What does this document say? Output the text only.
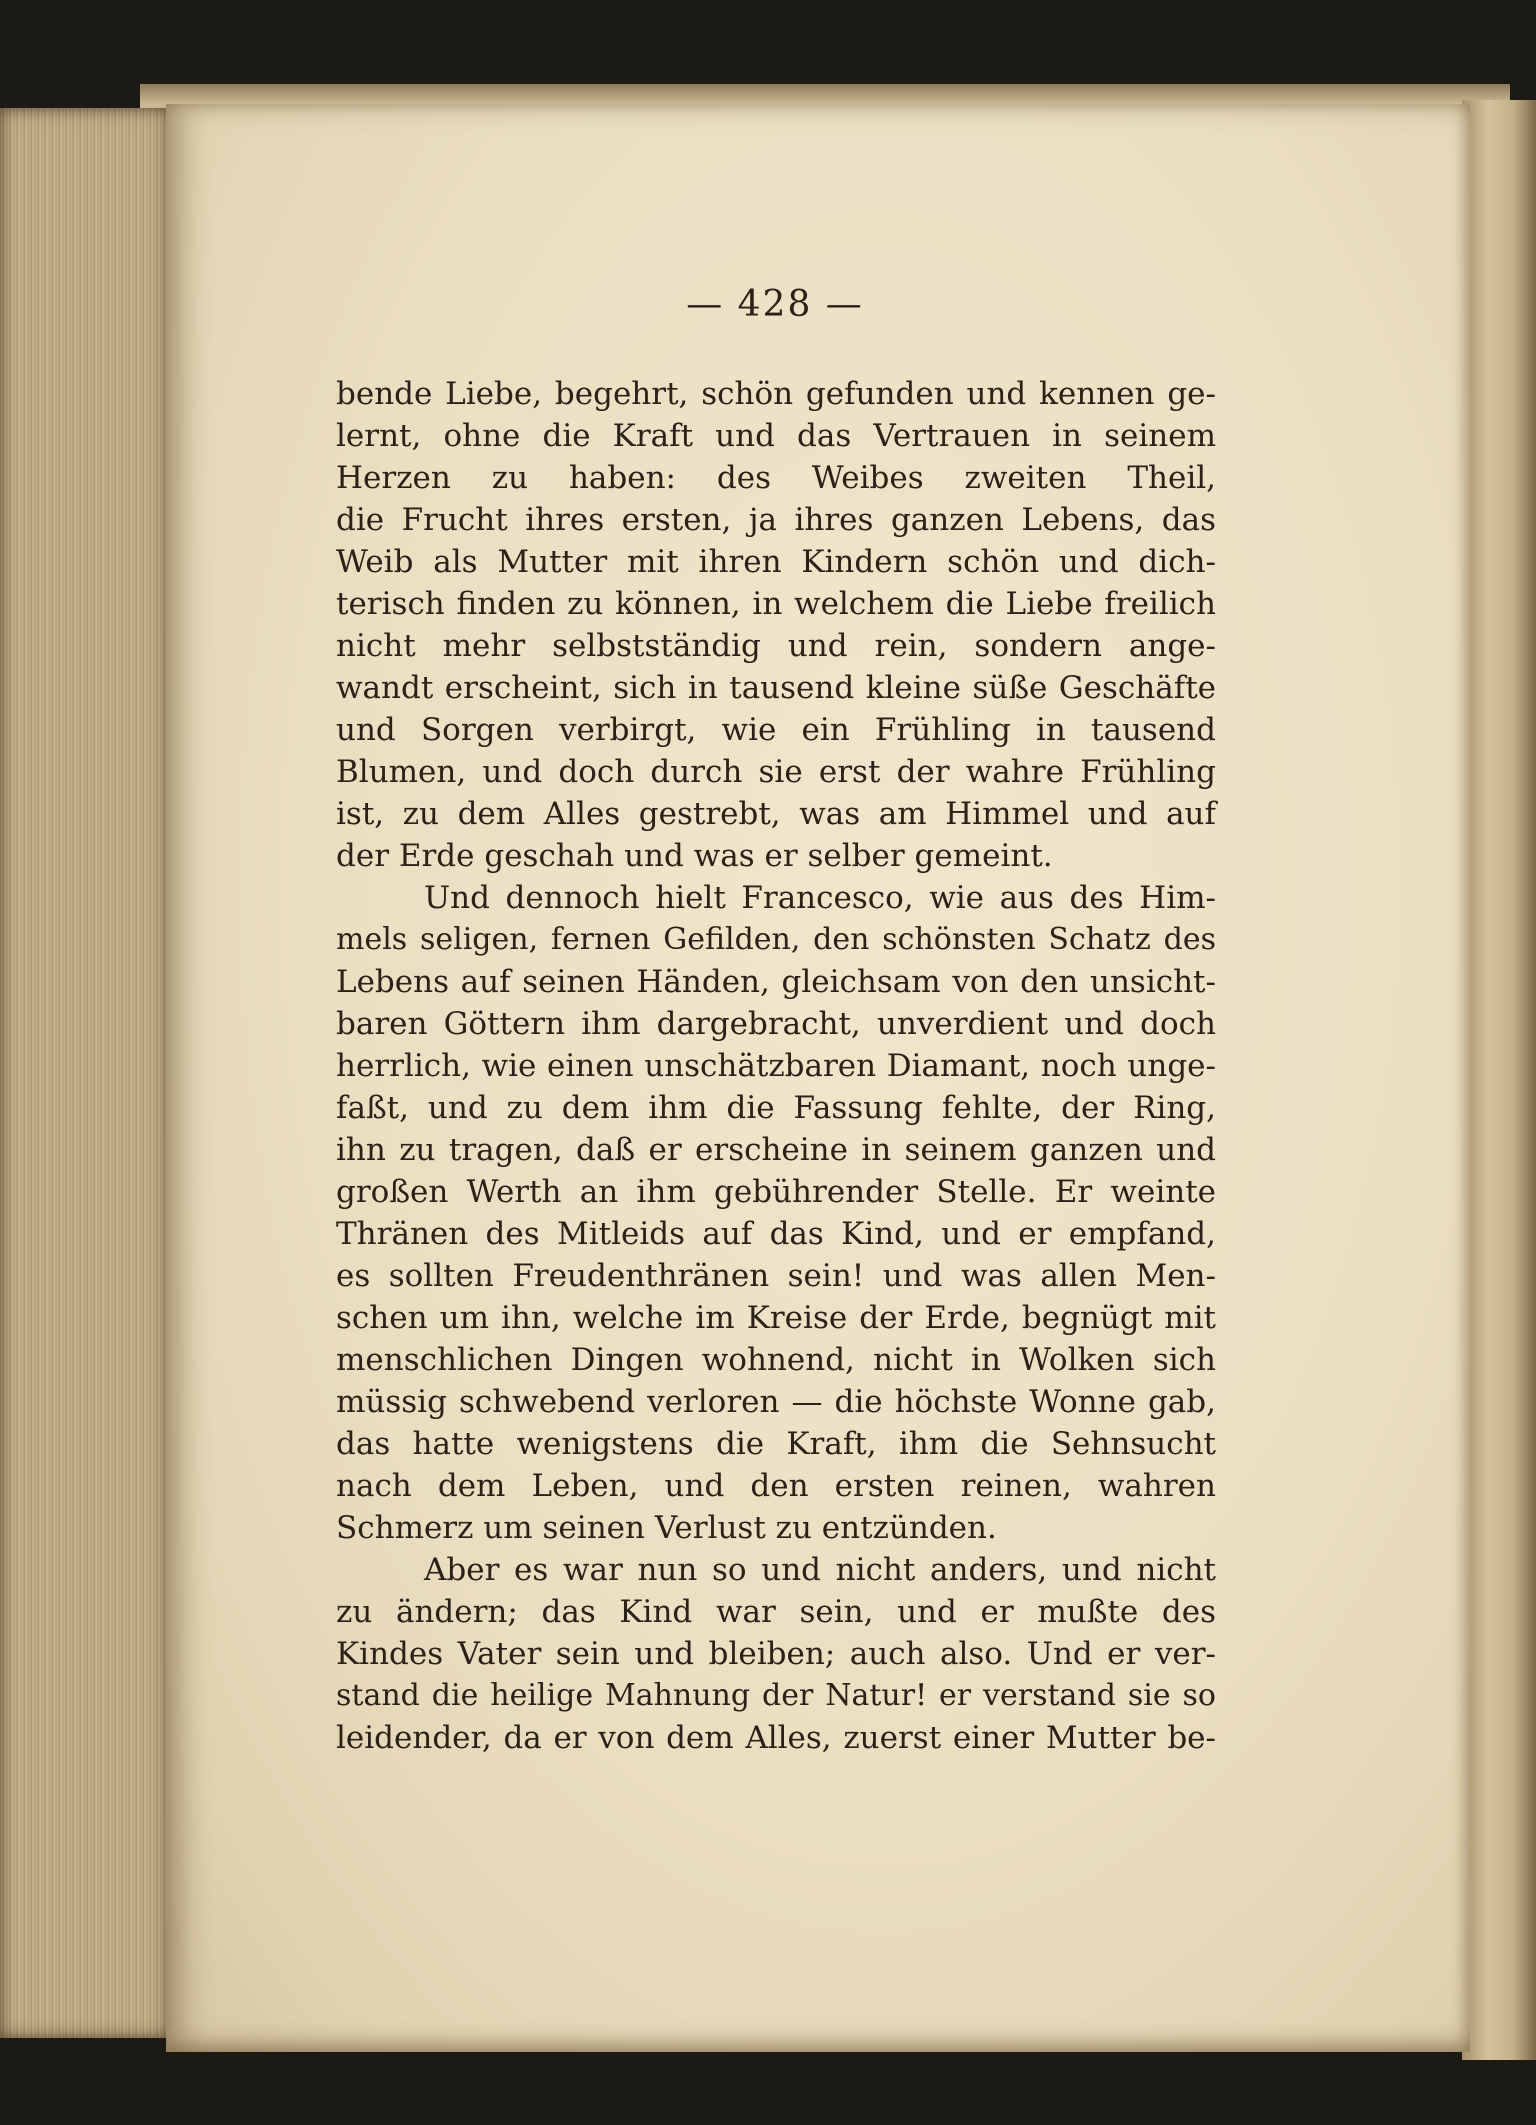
— 428 —
bende Liebe, begehrt, schön gefunden und kennen ge-
lernt, ohne die Kraft und das Vertrauen in seinem
Herzen zu haben: des Weibes zweiten Theil,
die Frucht ihres ersten, ja ihres ganzen Lebens, das
Weib als Mutter mit ihren Kindern schön und dich-
terisch finden zu können, in welchem die Liebe freilich
nicht mehr selbstständig und rein, sondern ange-
wandt erscheint, sich in tausend kleine süße Geschäfte
und Sorgen verbirgt, wie ein Frühling in tausend
Blumen, und doch durch sie erst der wahre Frühling
ist, zu dem Alles gestrebt, was am Himmel und auf
der Erde geschah und was er selber gemeint.
Und dennoch hielt Francesco, wie aus des Him-
mels seligen, fernen Gefilden, den schönsten Schatz des
Lebens auf seinen Händen, gleichsam von den unsicht-
baren Göttern ihm dargebracht, unverdient und doch
herrlich, wie einen unschätzbaren Diamant, noch unge-
faßt, und zu dem ihm die Fassung fehlte, der Ring,
ihn zu tragen, daß er erscheine in seinem ganzen und
großen Werth an ihm gebührender Stelle. Er weinte
Thränen des Mitleids auf das Kind, und er empfand,
es sollten Freudenthränen sein! und was allen Men-
schen um ihn, welche im Kreise der Erde, begnügt mit
menschlichen Dingen wohnend, nicht in Wolken sich
müssig schwebend verloren — die höchste Wonne gab,
das hatte wenigstens die Kraft, ihm die Sehnsucht
nach dem Leben, und den ersten reinen, wahren
Schmerz um seinen Verlust zu entzünden.
Aber es war nun so und nicht anders, und nicht
zu ändern; das Kind war sein, und er mußte des
Kindes Vater sein und bleiben; auch also. Und er ver-
stand die heilige Mahnung der Natur! er verstand sie so
leidender, da er von dem Alles, zuerst einer Mutter be-
